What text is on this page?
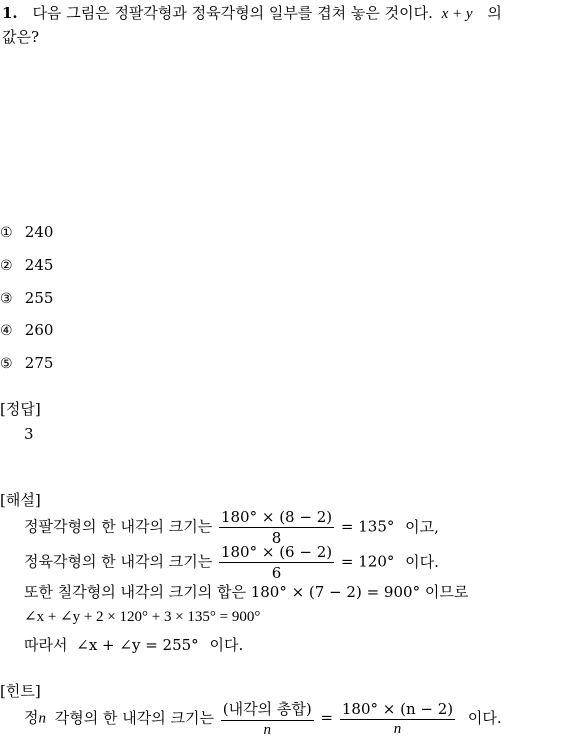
1. 다음 그림은 정팔각형과 정육각형의 일부를 겹쳐 놓은 것이다. x + y 의
값은?
① 240
② 245
③ 255
④ 260
⑤ 275
[정답]
3
[해설]
정팔각형의 한 내각의 크기는 $\frac{180^\circ \times (8 - 2)}{8} = 135^\circ$ 이고,
정육각형의 한 내각의 크기는 $\frac{180^\circ \times (6 - 2)}{6} = 120^\circ$ 이다.
또한 칠각형의 내각의 크기의 합은 180° × (7 − 2) = 900° 이므로
∠x + ∠y + 2 × 120° + 3 × 135° = 900°
따라서 ∠x + ∠y = 255° 이다.
[힌트]
정n 각형의 한 내각의 크기는 $\frac{\text{(내각의 총합)}}{n} = \frac{180^\circ \times (n - 2)}{n}$ 이다.
